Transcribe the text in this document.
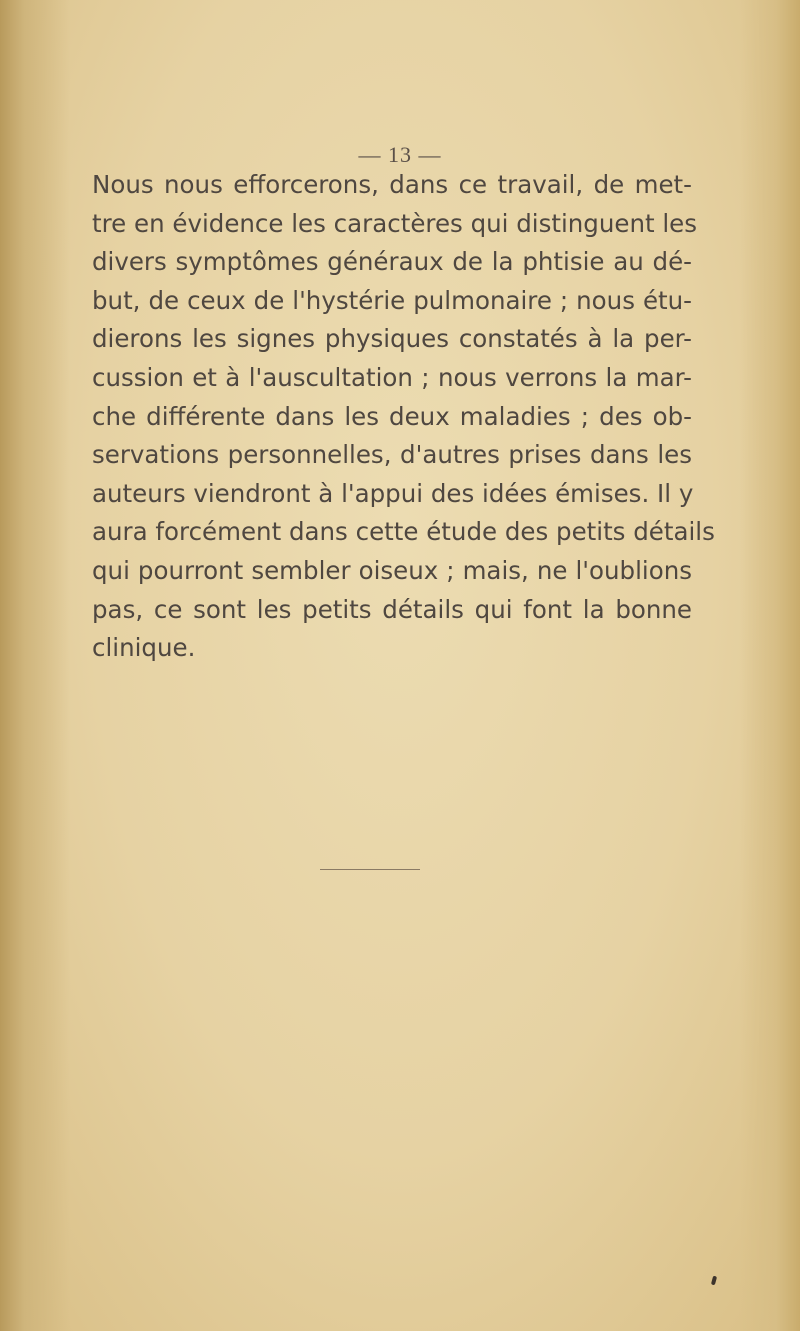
— 13 —

Nous nous efforcerons, dans ce travail, de met-
tre en évidence les caractères qui distinguent les
divers symptômes généraux de la phtisie au dé-
but, de ceux de l'hystérie pulmonaire ; nous étu-
dierons les signes physiques constatés à la per-
cussion et à l'auscultation ; nous verrons la mar-
che différente dans les deux maladies ; des ob-
servations personnelles, d'autres prises dans les
auteurs viendront à l'appui des idées émises. Il y
aura forcément dans cette étude des petits détails
qui pourront sembler oiseux ; mais, ne l'oublions
pas, ce sont les petits détails qui font la bonne
clinique.
